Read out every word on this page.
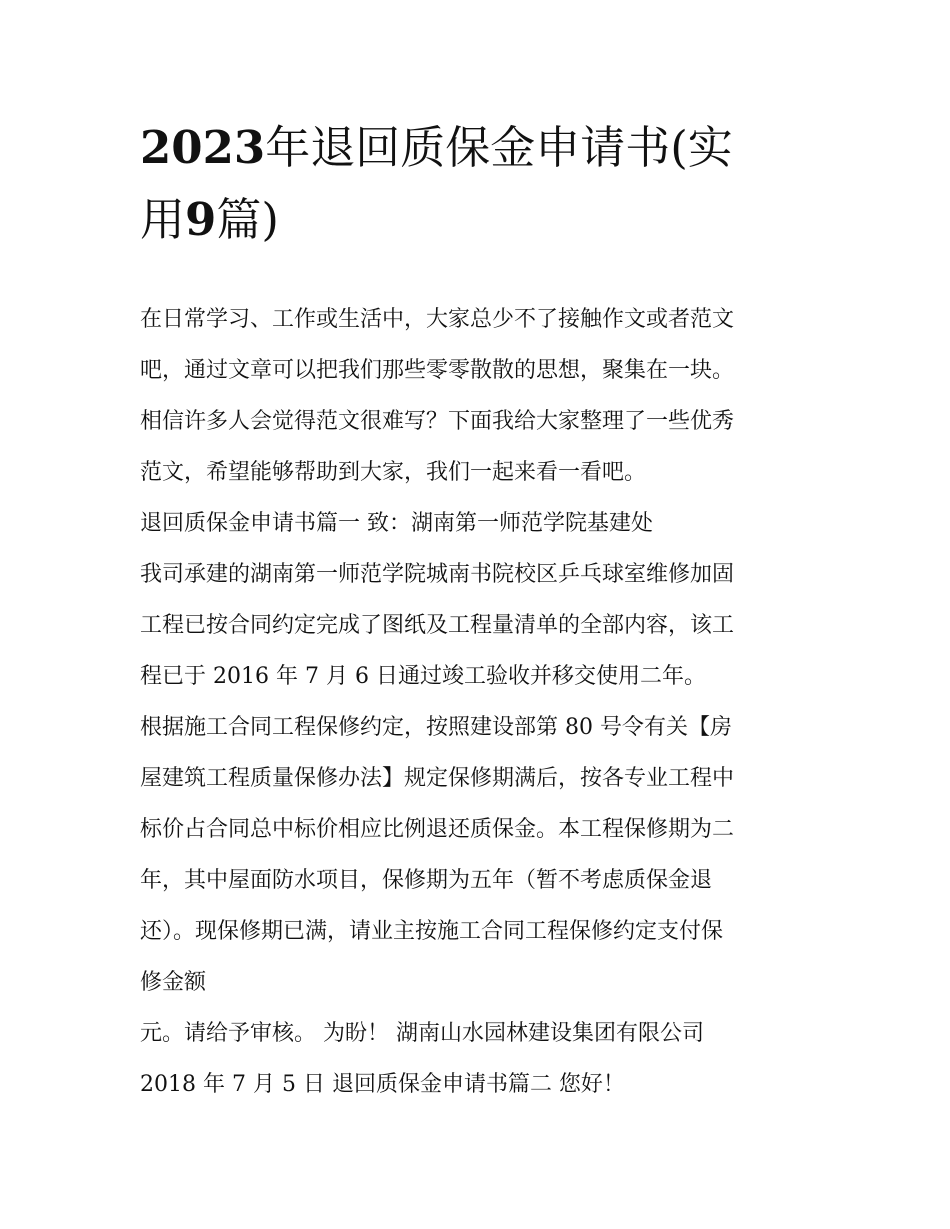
2023年退回质保金申请书(实
用9篇)

在日常学习、工作或生活中，大家总少不了接触作文或者范文
吧，通过文章可以把我们那些零零散散的思想，聚集在一块。
相信许多人会觉得范文很难写？下面我给大家整理了一些优秀
范文，希望能够帮助到大家，我们一起来看一看吧。

退回质保金申请书篇一 致：湖南第一师范学院基建处

我司承建的湖南第一师范学院城南书院校区乒乓球室维修加固
工程已按合同约定完成了图纸及工程量清单的全部内容，该工
程已于 2016 年 7 月 6 日通过竣工验收并移交使用二年。

根据施工合同工程保修约定，按照建设部第 80 号令有关【房
屋建筑工程质量保修办法】规定保修期满后，按各专业工程中
标价占合同总中标价相应比例退还质保金。本工程保修期为二
年，其中屋面防水项目，保修期为五年（暂不考虑质保金退
还）。现保修期已满，请业主按施工合同工程保修约定支付保
修金额

元。请给予审核。 为盼！ 湖南山水园林建设集团有限公司

2018 年 7 月 5 日 退回质保金申请书篇二 您好！
